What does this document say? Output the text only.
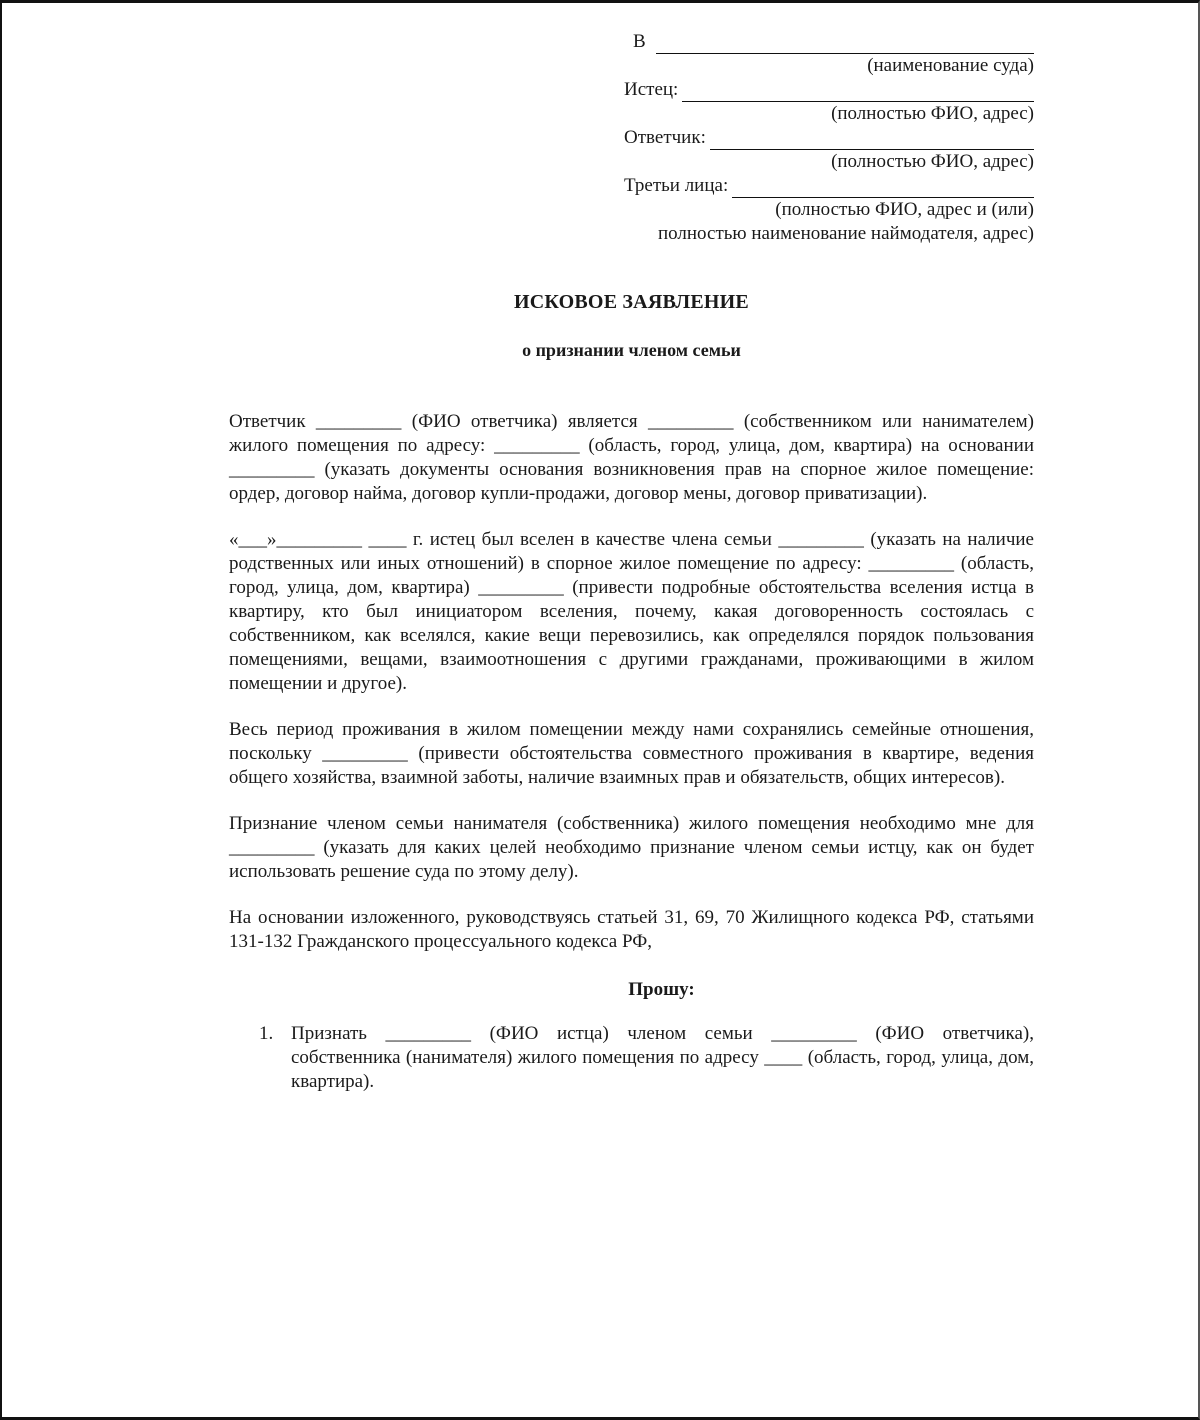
В
(наименование суда)
Истец:
(полностью ФИО, адрес)
Ответчик:
(полностью ФИО, адрес)
Третьи лица:
(полностью ФИО, адрес и (или)
полностью наименование наймодателя, адрес)
ИСКОВОЕ ЗАЯВЛЕНИЕ
о признании членом семьи
Ответчик _________ (ФИО ответчика) является _________ (собственником или нанимателем) жилого помещения по адресу: _________ (область, город, улица, дом, квартира) на основании _________ (указать документы основания возникновения прав на спорное жилое помещение: ордер, договор найма, договор купли-продажи, договор мены, договор приватизации).
«___»_________ ____ г. истец был вселен в качестве члена семьи _________ (указать на наличие родственных или иных отношений) в спорное жилое помещение по адресу: _________ (область, город, улица, дом, квартира) _________ (привести подробные обстоятельства вселения истца в квартиру, кто был инициатором вселения, почему, какая договоренность состоялась с собственником, как вселялся, какие вещи перевозились, как определялся порядок пользования помещениями, вещами, взаимоотношения с другими гражданами, проживающими в жилом помещении и другое).
Весь период проживания в жилом помещении между нами сохранялись семейные отношения, поскольку _________ (привести обстоятельства совместного проживания в квартире, ведения общего хозяйства, взаимной заботы, наличие взаимных прав и обязательств, общих интересов).
Признание членом семьи нанимателя (собственника) жилого помещения необходимо мне для _________ (указать для каких целей необходимо признание членом семьи истцу, как он будет использовать решение суда по этому делу).
На основании изложенного, руководствуясь статьей 31, 69, 70 Жилищного кодекса РФ, статьями 131-132 Гражданского процессуального кодекса РФ,
Прошу:
1. Признать _________ (ФИО истца) членом семьи _________ (ФИО ответчика), собственника (нанимателя) жилого помещения по адресу ____ (область, город, улица, дом, квартира).
